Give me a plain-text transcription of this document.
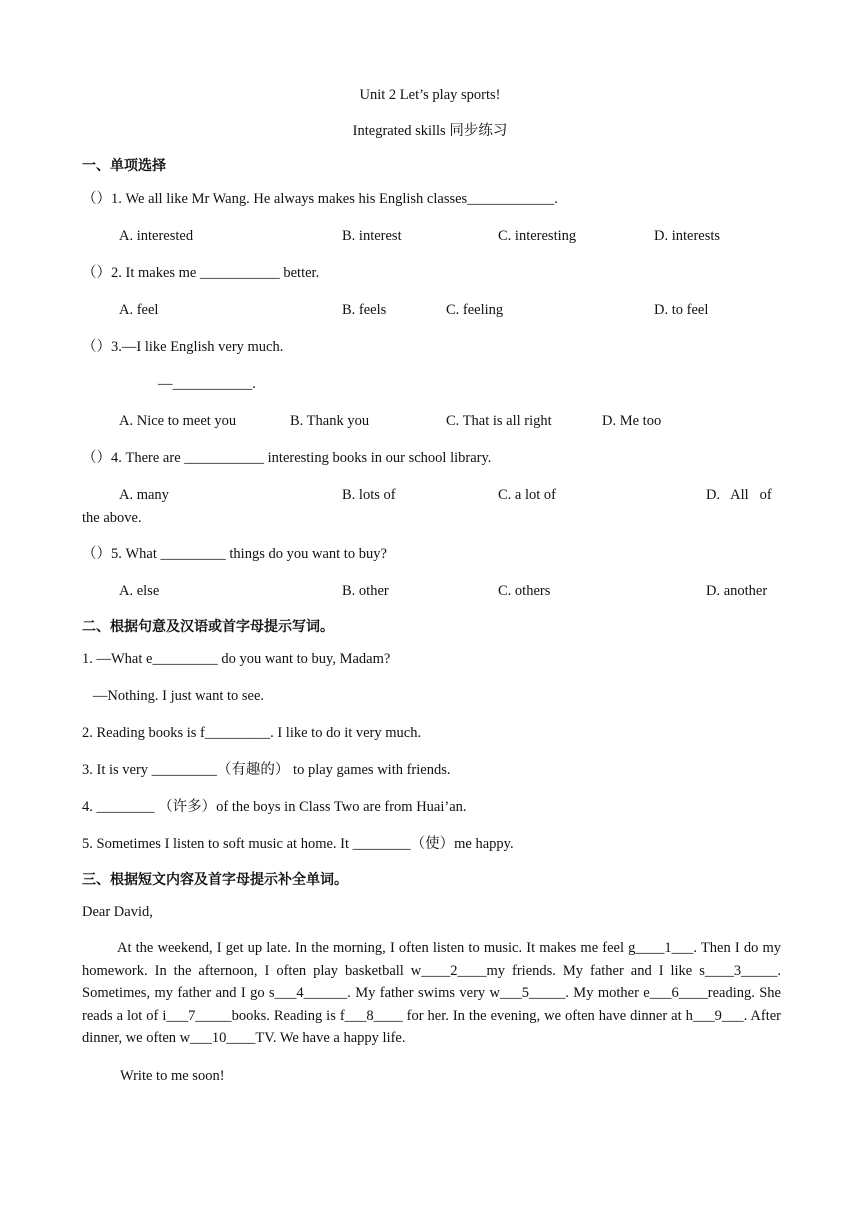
Unit 2 Let’s play sports!
Integrated skills 同步练习
一、单项选择
（）1. We all like Mr Wang. He always makes his English classes____________.
A. interested	B. interest	C. interesting	D. interests
（）2. It makes me ___________ better.
A. feel	B. feels	C. feeling	D. to feel
（）3.—I like English very much.
—___________.
A. Nice to meet you	B. Thank you	C. That is all right	D. Me too
（）4. There are ___________ interesting books in our school library.
A. many	B. lots of	C. a lot of	D.   All   of
the above.
（）5. What _________ things do you want to buy?
A. else	B. other	C. others	D. another
二、根据句意及汉语或首字母提示写词。
1. —What e_________ do you want to buy, Madam?
—Nothing. I just want to see.
2. Reading books is f_________. I like to do it very much.
3. It is very _________（有趣的） to play games with friends.
4. ________ （许多）of the boys in Class Two are from Huai’an.
5. Sometimes I listen to soft music at home. It ________（使）me happy.
三、根据短文内容及首字母提示补全单词。
Dear David,
At the weekend, I get up late. In the morning, I often listen to music. It makes me feel g____1___. Then I do my homework. In the afternoon, I often play basketball w____2____my friends. My father and I like s____3_____. Sometimes, my father and I go s___4______. My father swims very w___5_____. My mother e___6____reading. She reads a lot of i___7_____books. Reading is f___8____ for her. In the evening, we often have dinner at h___9___. After dinner, we often w___10____TV. We have a happy life.
Write to me soon!
